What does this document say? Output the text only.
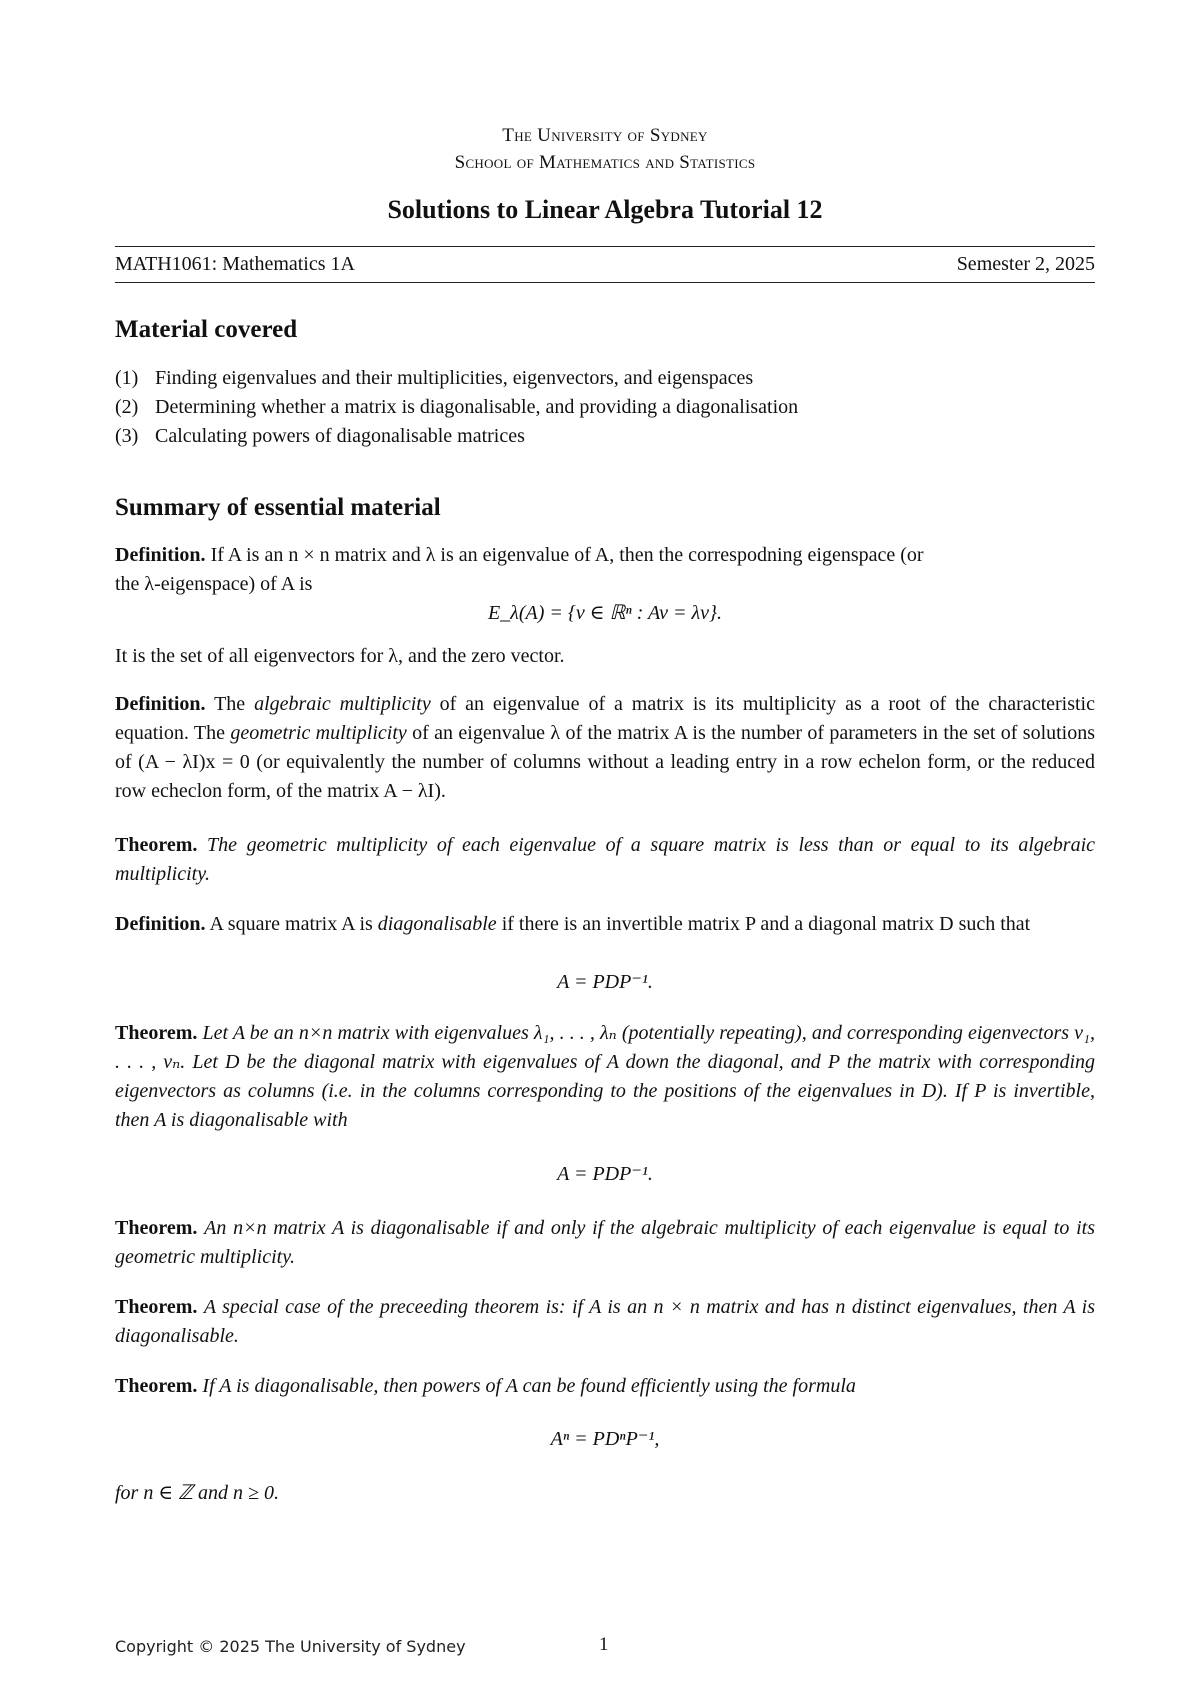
The University of Sydney
School of Mathematics and Statistics
Solutions to Linear Algebra Tutorial 12
MATH1061: Mathematics 1A	Semester 2, 2025
Material covered
(1) Finding eigenvalues and their multiplicities, eigenvectors, and eigenspaces
(2) Determining whether a matrix is diagonalisable, and providing a diagonalisation
(3) Calculating powers of diagonalisable matrices
Summary of essential material

Definition. If A is an n × n matrix and λ is an eigenvalue of A, then the correspodning eigenspace (or

the λ-eigenspace) of A is

E_λ(A) = {v ∈ ℝⁿ : Av = λv}.
It is the set of all eigenvectors for λ, and the zero vector.

Definition. The algebraic multiplicity of an eigenvalue of a matrix is its multiplicity as a root of the characteristic equation. The geometric multiplicity of an eigenvalue λ of the matrix A is the number of parameters in the set of solutions of (A − λI)x = 0 (or equivalently the number of columns without a leading entry in a row echelon form, or the reduced row echeclon form, of the matrix A − λI).

Theorem. The geometric multiplicity of each eigenvalue of a square matrix is less than or equal to its algebraic multiplicity.

Definition. A square matrix A is diagonalisable if there is an invertible matrix P and a diagonal matrix D such that

A = PDP⁻¹.

Theorem. Let A be an n×n matrix with eigenvalues λ₁, . . . , λₙ (potentially repeating), and corresponding eigenvectors v₁, . . . , vₙ. Let D be the diagonal matrix with eigenvalues of A down the diagonal, and P the matrix with corresponding eigenvectors as columns (i.e. in the columns corresponding to the positions of the eigenvalues in D). If P is invertible, then A is diagonalisable with

A = PDP⁻¹.

Theorem. An n×n matrix A is diagonalisable if and only if the algebraic multiplicity of each eigenvalue is equal to its geometric multiplicity.

Theorem. A special case of the preceeding theorem is: if A is an n × n matrix and has n distinct eigenvalues, then A is diagonalisable.

Theorem. If A is diagonalisable, then powers of A can be found efficiently using the formula

Aⁿ = PDⁿP⁻¹,
for n ∈ ℤ and n ≥ 0.
Copyright © 2025 The University of Sydney	1
